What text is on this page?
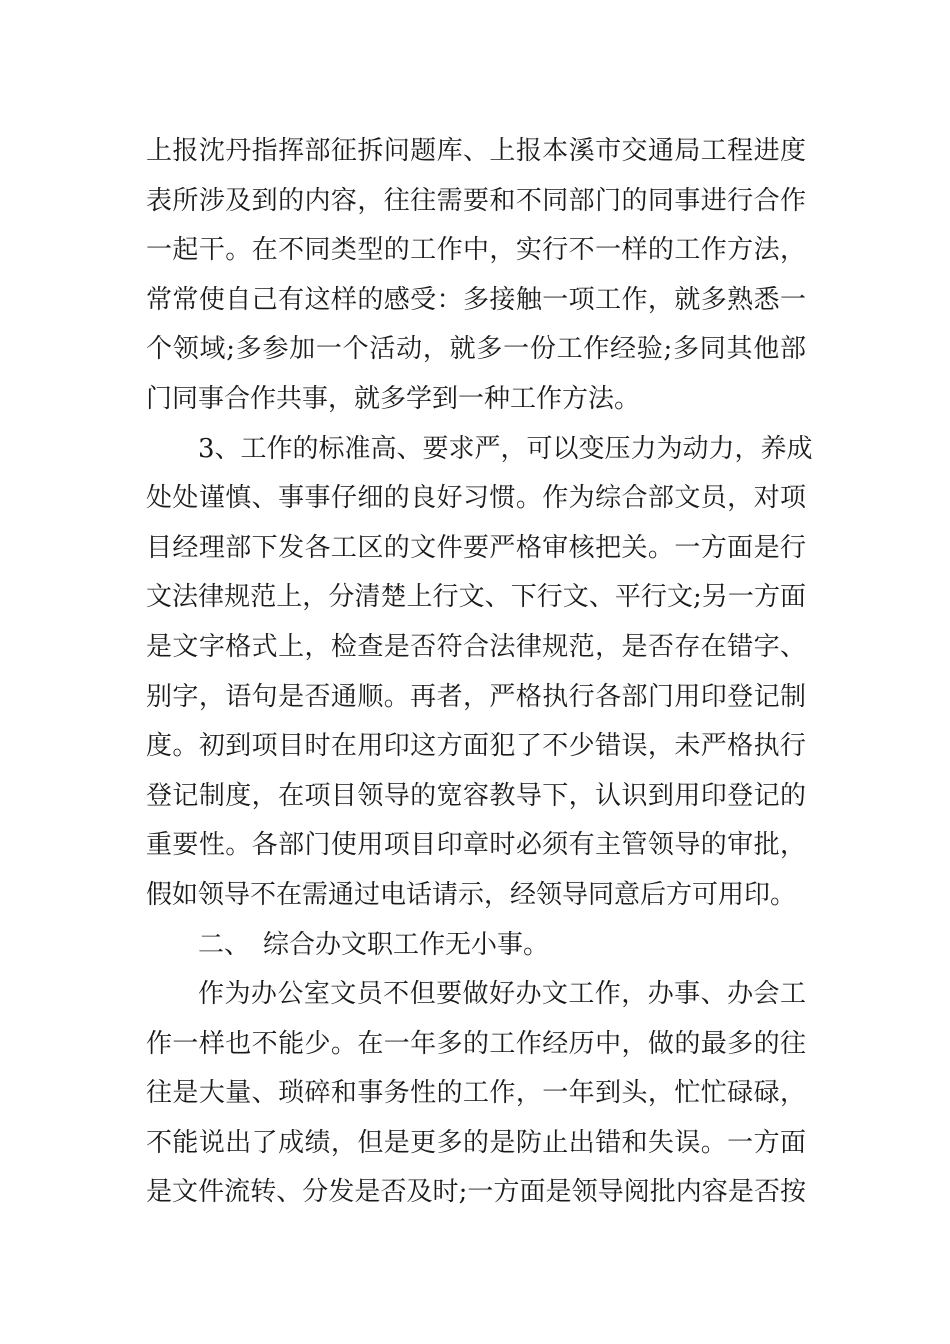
上报沈丹指挥部征拆问题库、上报本溪市交通局工程进度
表所涉及到的内容，往往需要和不同部门的同事进行合作
一起干。在不同类型的工作中，实行不一样的工作方法，
常常使自己有这样的感受：多接触一项工作，就多熟悉一
个领域;多参加一个活动，就多一份工作经验;多同其他部
门同事合作共事，就多学到一种工作方法。
3、工作的标准高、要求严，可以变压力为动力，养成
处处谨慎、事事仔细的良好习惯。作为综合部文员，对项
目经理部下发各工区的文件要严格审核把关。一方面是行
文法律规范上，分清楚上行文、下行文、平行文;另一方面
是文字格式上，检查是否符合法律规范，是否存在错字、
别字，语句是否通顺。再者，严格执行各部门用印登记制
度。初到项目时在用印这方面犯了不少错误，未严格执行
登记制度，在项目领导的宽容教导下，认识到用印登记的
重要性。各部门使用项目印章时必须有主管领导的审批，
假如领导不在需通过电话请示，经领导同意后方可用印。
二、　综合办文职工作无小事。
作为办公室文员不但要做好办文工作，办事、办会工
作一样也不能少。在一年多的工作经历中，做的最多的往
往是大量、琐碎和事务性的工作，一年到头，忙忙碌碌，
不能说出了成绩，但是更多的是防止出错和失误。一方面
是文件流转、分发是否及时;一方面是领导阅批内容是否按
